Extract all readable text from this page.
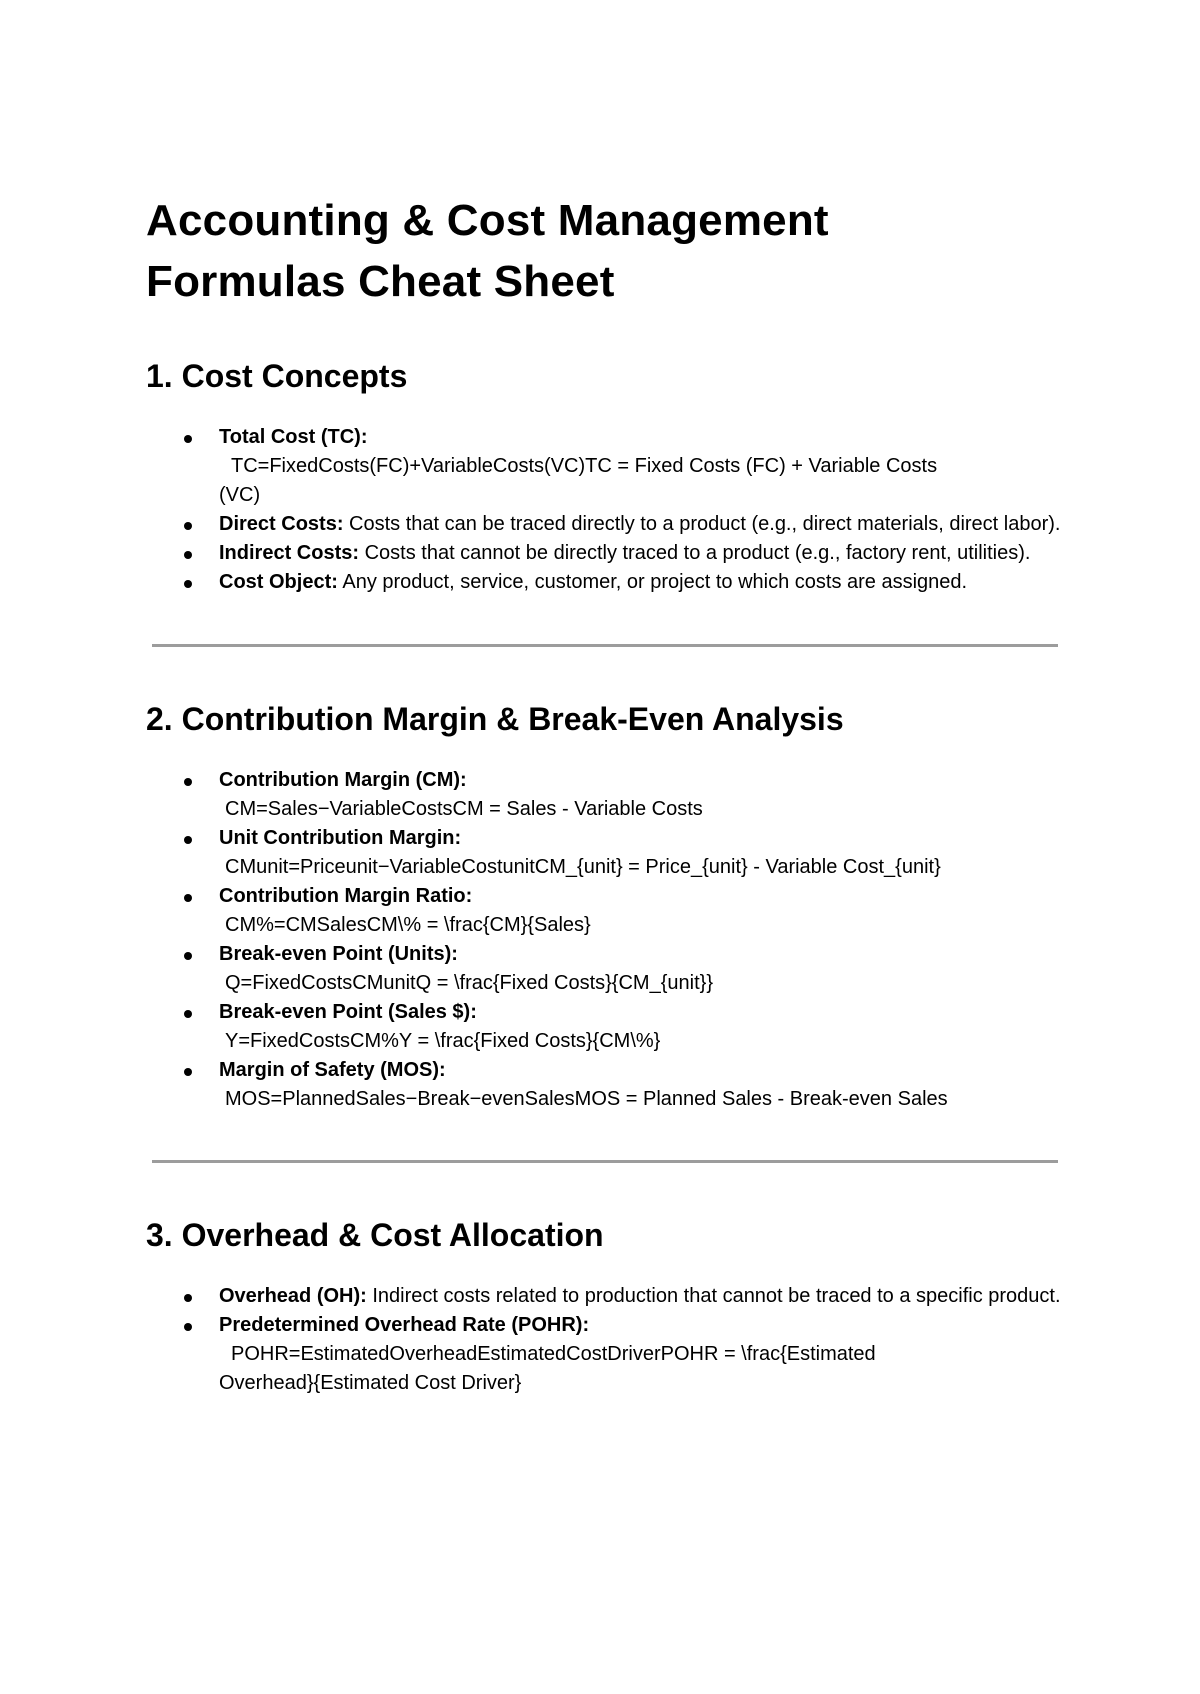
Accounting & Cost Management
Formulas Cheat Sheet
1. Cost Concepts
Total Cost (TC):
TC=FixedCosts(FC)+VariableCosts(VC)TC = Fixed Costs (FC) + Variable Costs
(VC)
Direct Costs: Costs that can be traced directly to a product (e.g., direct materials, direct labor).
Indirect Costs: Costs that cannot be directly traced to a product (e.g., factory rent, utilities).
Cost Object: Any product, service, customer, or project to which costs are assigned.
2. Contribution Margin & Break-Even Analysis
Contribution Margin (CM):
CM=Sales−VariableCostsCM = Sales - Variable Costs
Unit Contribution Margin:
CMunit=Priceunit−VariableCostunitCM_{unit} = Price_{unit} - Variable Cost_{unit}
Contribution Margin Ratio:
CM%=CMSalesCM\% = \frac{CM}{Sales}
Break-even Point (Units):
Q=FixedCostsCMunitQ = \frac{Fixed Costs}{CM_{unit}}
Break-even Point (Sales $):
Y=FixedCostsCM%Y = \frac{Fixed Costs}{CM\%}
Margin of Safety (MOS):
MOS=PlannedSales−Break−evenSalesMOS = Planned Sales - Break-even Sales
3. Overhead & Cost Allocation
Overhead (OH): Indirect costs related to production that cannot be traced to a specific product.
Predetermined Overhead Rate (POHR):
POHR=EstimatedOverheadEstimatedCostDriverPOHR = \frac{Estimated
Overhead}{Estimated Cost Driver}
